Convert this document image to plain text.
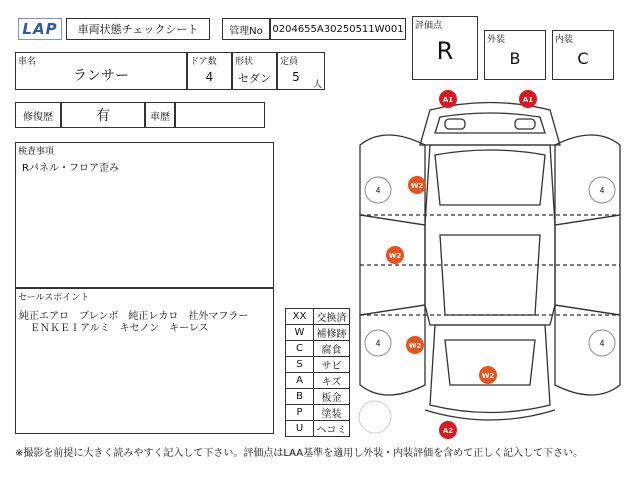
LAP	車両状態チェックシート	管理No 0204655A30250511W001 評価点
R	外装
B
内装
C
車名
ランサー
ドア数
4
形状
セダン
定員
5
人
修復歴	有	車歴
検査事項
Rパネル・フロア歪み
セールスポイント
純正エアロ　ブレンボ　純正レカロ　社外マフラー
ＥＮＫＥＩアルミ　キセノン　キーレス
XX	交換済
W	補修跡
C	腐食
S	サビ
A	キズ
B	板金
P	塗装
U	ヘコミ
4	4
4	4
A1	A1
W2
W2
W2
W2
A2
※撮影を前提に大きく読みやすく記入して下さい。評価点はLAA基準を適用し外装・内装評価を含めて正しく記入して下さい。
